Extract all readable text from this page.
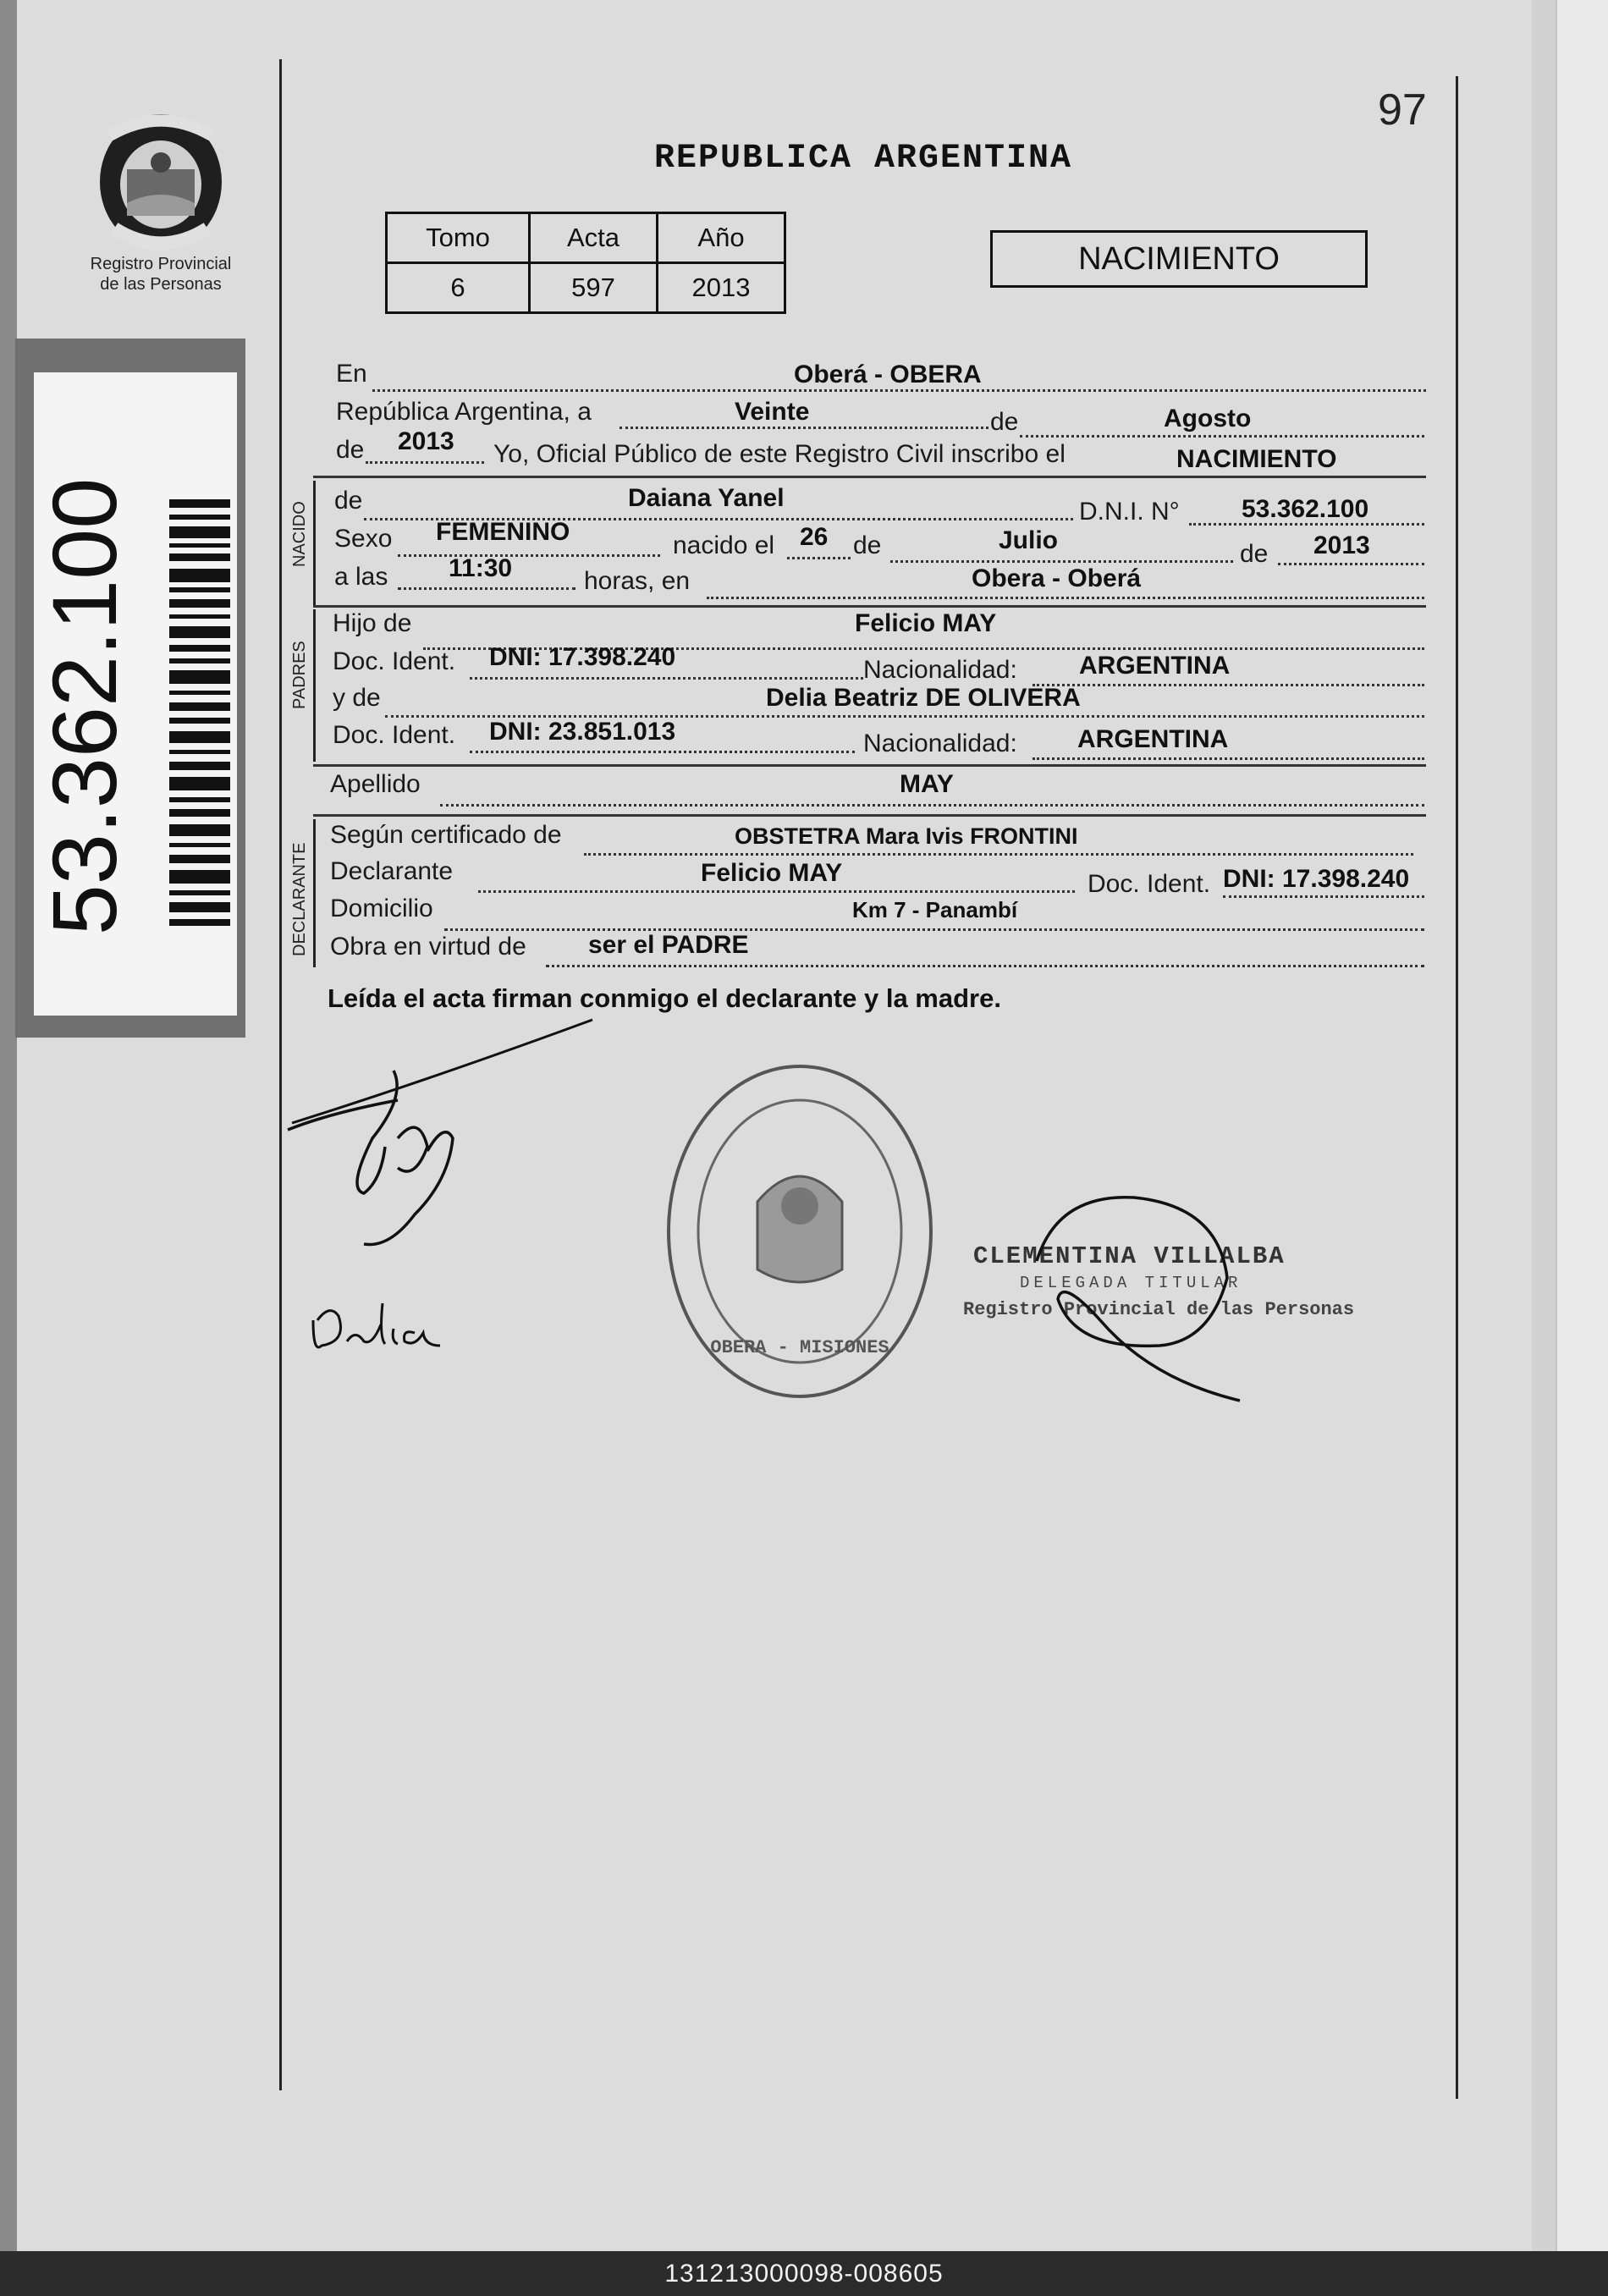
97
REPUBLICA ARGENTINA
Registro Provincial
de las Personas
Tomo	Acta	Año
6	597	2013
NACIMIENTO
53.362.100
En	Oberá - OBERA
República Argentina, a	Veinte	de	Agosto
de 2013 Yo, Oficial Público de este Registro Civil inscribo el	NACIMIENTO
NACIDO
de	Daiana Yanel	D.N.I. N° 53.362.100
Sexo FEMENINO	nacido el 26 de	Julio	de 2013
a las 11:30	horas, en	Obera - Oberá
PADRES
Hijo de	Felicio MAY
Doc. Ident. DNI: 17.398.240	Nacionalidad: ARGENTINA
y de	Delia Beatriz DE OLIVERA
Doc. Ident. DNI: 23.851.013	Nacionalidad: ARGENTINA
Apellido	MAY
DECLARANTE
Según certificado de	OBSTETRA Mara Ivis FRONTINI
Declarante	Felicio MAY	Doc. Ident. DNI: 17.398.240
Domicilio	Km 7 - Panambí
Obra en virtud de ser el PADRE
Leída el acta firman conmigo el declarante y la madre.
OBERA - MISIONES
CLEMENTINA VILLALBA
DELEGADA TITULAR
Registro Provincial de las Personas
131213000098-008605
